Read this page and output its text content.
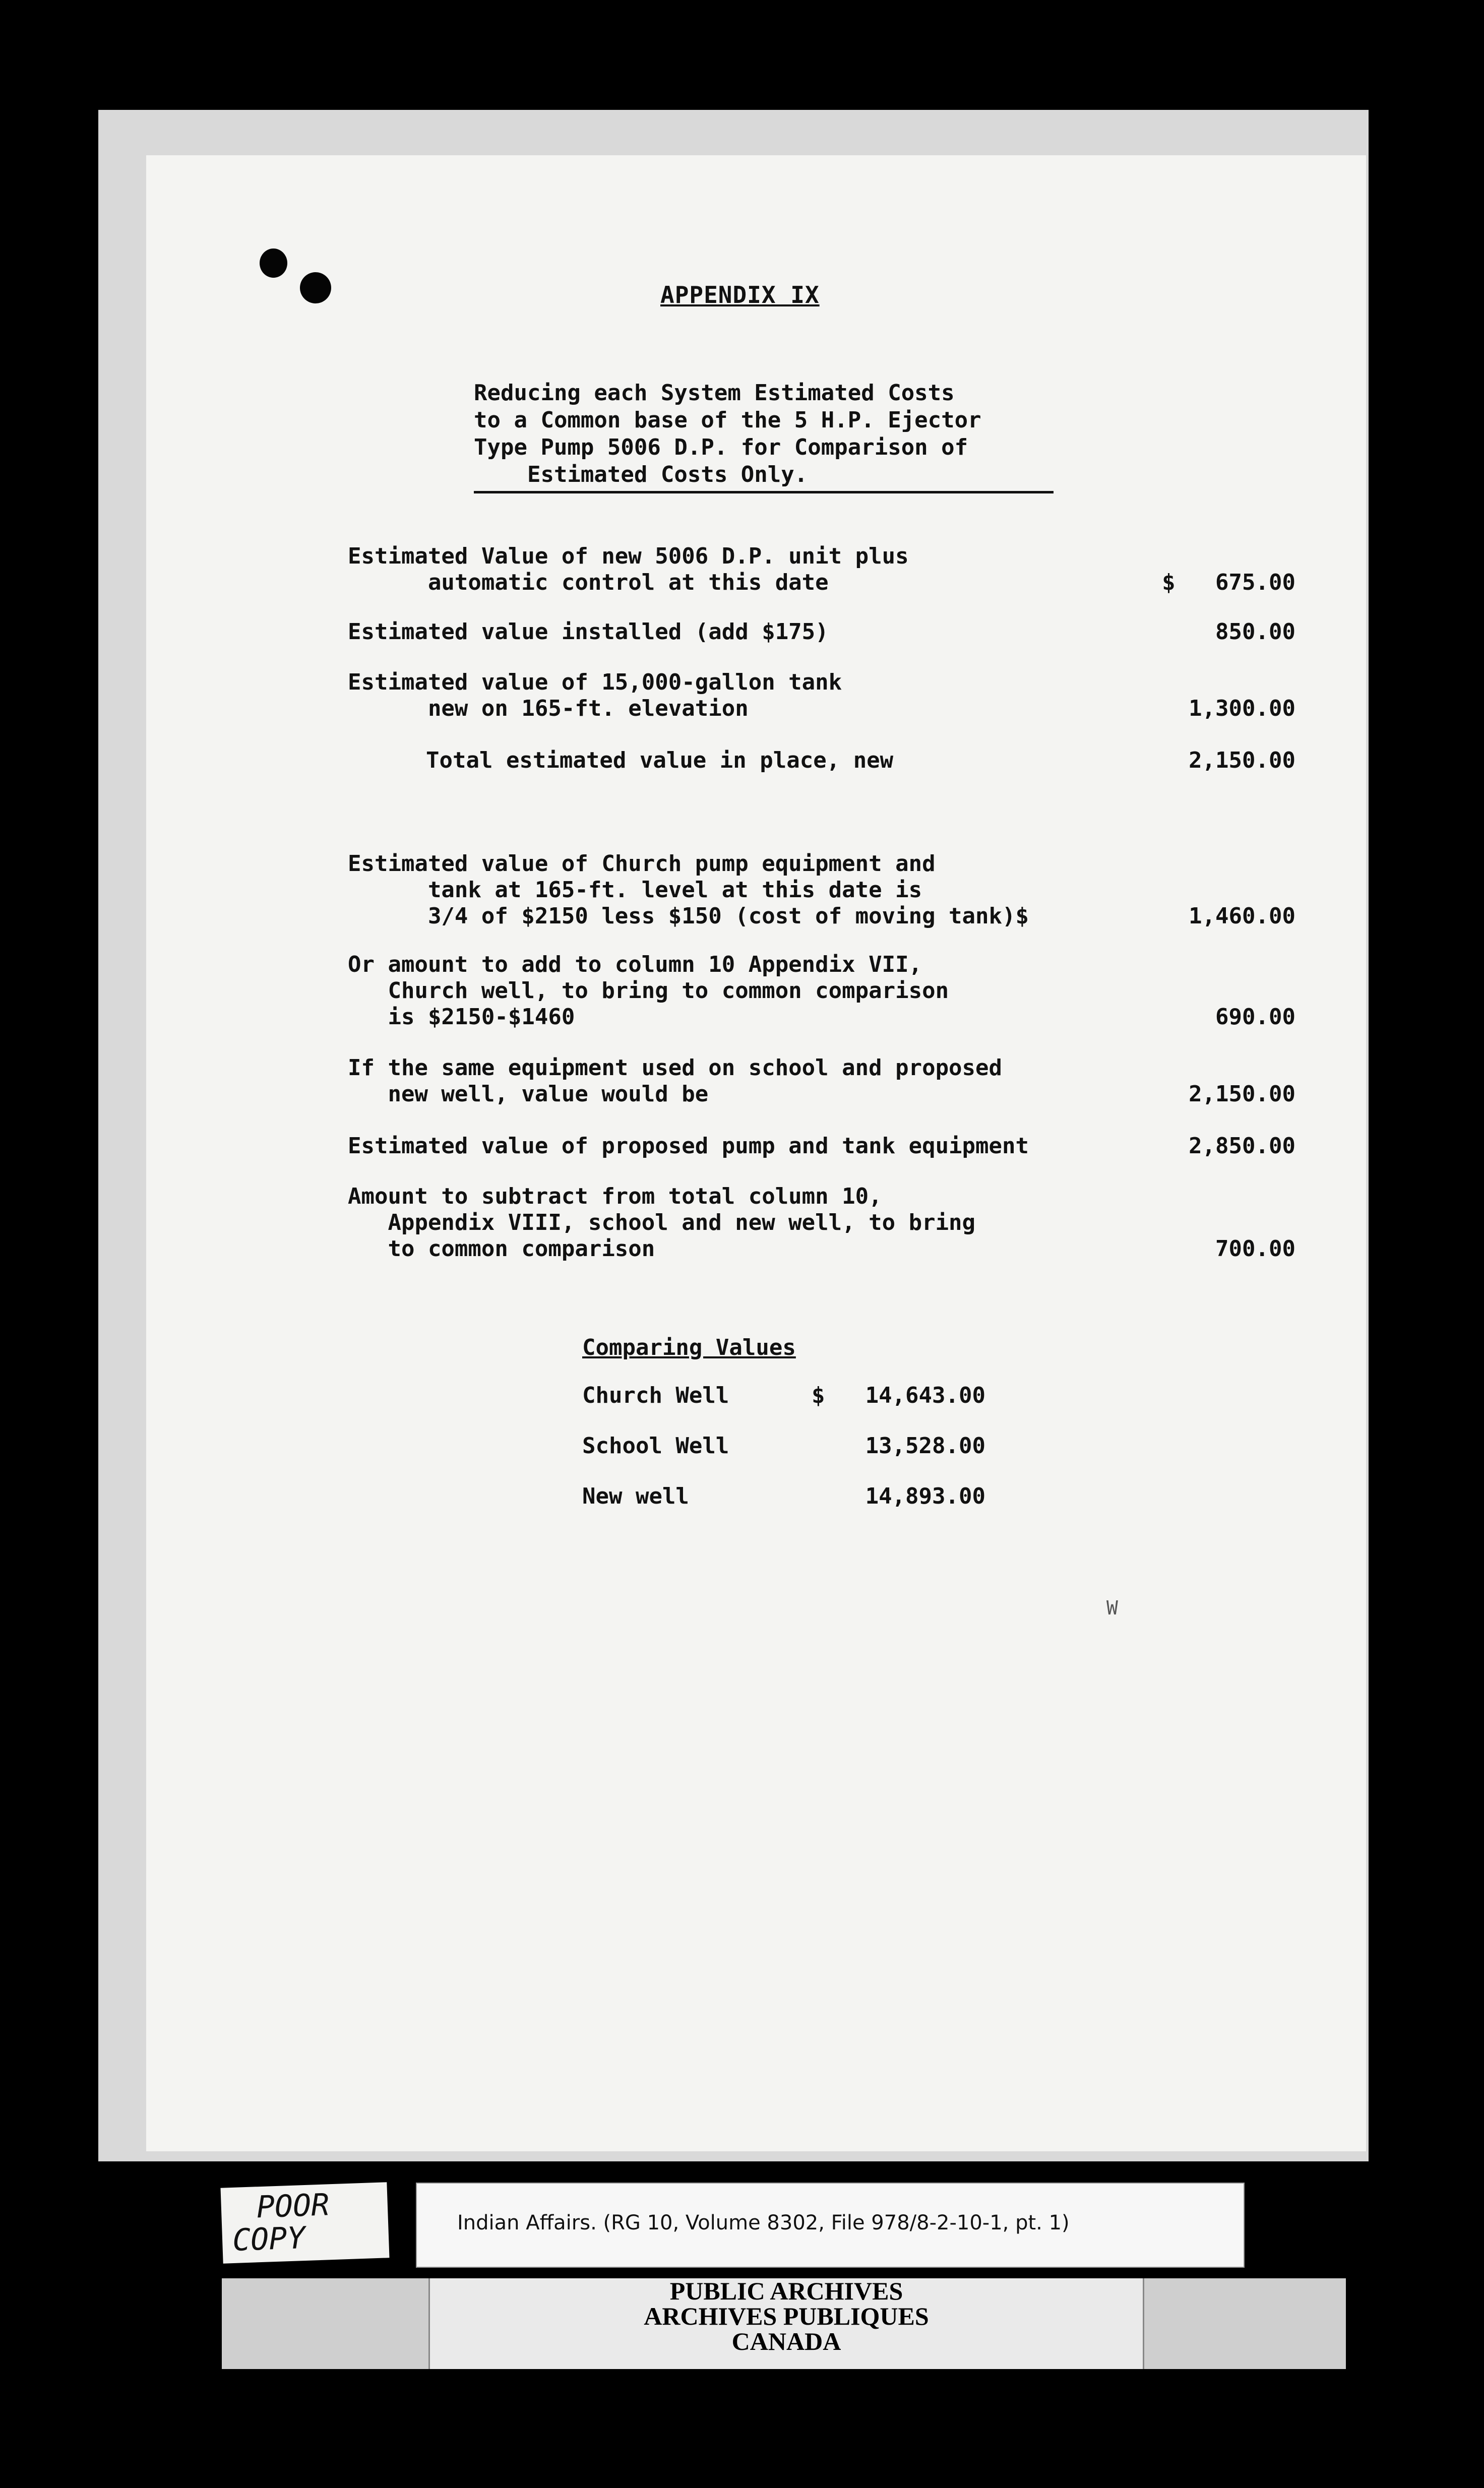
APPENDIX IX
Reducing each System Estimated Costs
to a Common base of the 5 H.P. Ejector
Type Pump 5006 D.P. for Comparison of
Estimated Costs Only.
Estimated Value of new 5006 D.P. unit plus
automatic control at this date	$   675.00
Estimated value installed (add $175)	850.00
Estimated value of 15,000-gallon tank
new on 165-ft. elevation	1,300.00
Total estimated value in place, new	2,150.00
Estimated value of Church pump equipment and
tank at 165-ft. level at this date is
3/4 of $2150 less $150 (cost of moving tank)$	1,460.00
Or amount to add to column 10 Appendix VII,
Church well, to bring to common comparison
is $2150-$1460	690.00
If the same equipment used on school and proposed
new well, value would be	2,150.00
Estimated value of proposed pump and tank equipment	2,850.00
Amount to subtract from total column 10,
Appendix VIII, school and new well, to bring
to common comparison	700.00
Comparing Values
Church Well	$ 14,643.00
School Well	13,528.00
New well	14,893.00
W
POOR
COPY	Indian Affairs. (RG 10, Volume 8302, File 978/8-2-10-1, pt. 1)
PUBLIC ARCHIVES
ARCHIVES PUBLIQUES
CANADA
